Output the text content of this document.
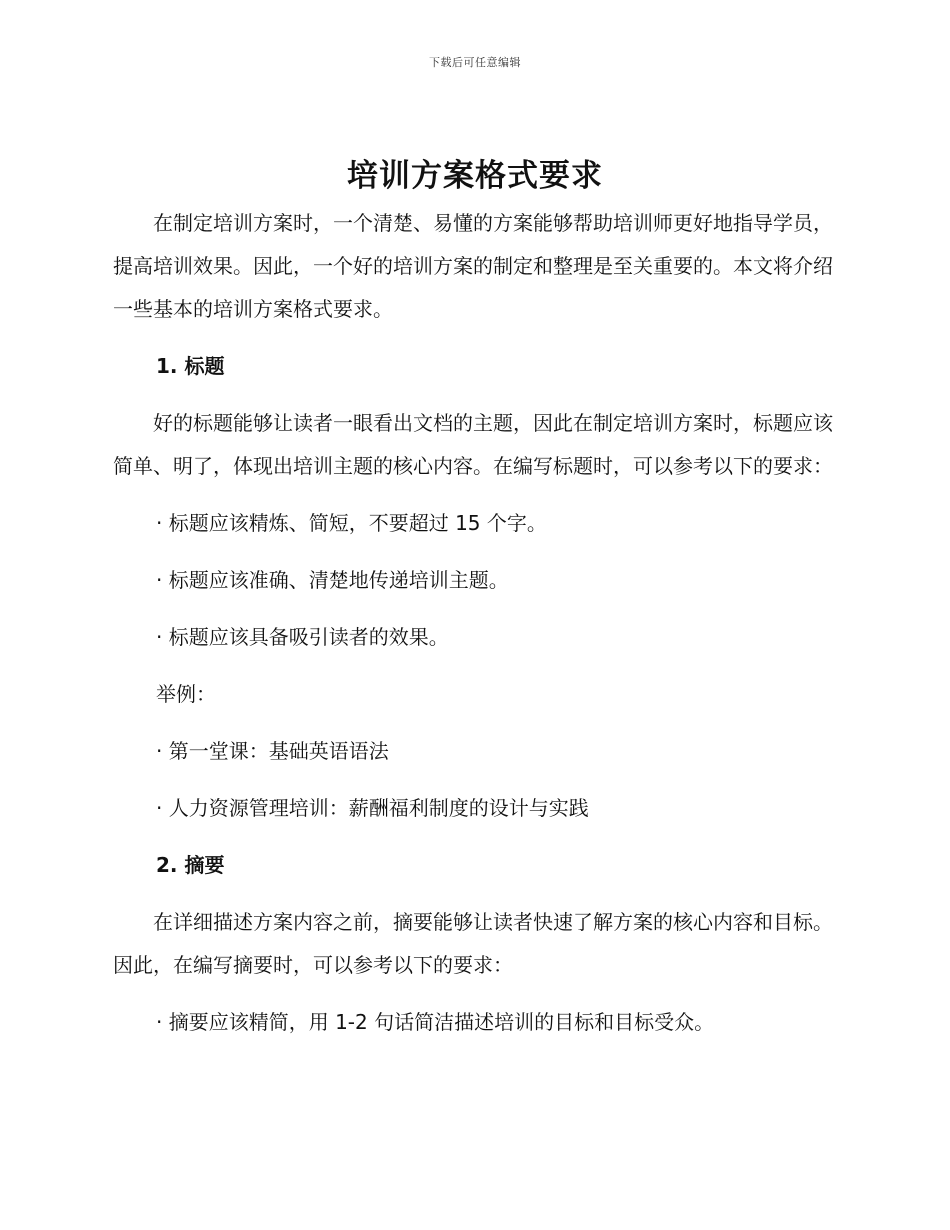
下载后可任意编辑
培训方案格式要求

在制定培训方案时，一个清楚、易懂的方案能够帮助培训师更好地指导学员，提高培训效果。因此，一个好的培训方案的制定和整理是至关重要的。本文将介绍一些基本的培训方案格式要求。

1. 标题

好的标题能够让读者一眼看出文档的主题，因此在制定培训方案时，标题应该简单、明了，体现出培训主题的核心内容。在编写标题时，可以参考以下的要求：

· 标题应该精炼、简短，不要超过 15 个字。

· 标题应该准确、清楚地传递培训主题。

· 标题应该具备吸引读者的效果。

举例：

· 第一堂课：基础英语语法

· 人力资源管理培训：薪酬福利制度的设计与实践

2. 摘要

在详细描述方案内容之前，摘要能够让读者快速了解方案的核心内容和目标。因此，在编写摘要时，可以参考以下的要求：

· 摘要应该精简，用 1-2 句话简洁描述培训的目标和目标受众。
